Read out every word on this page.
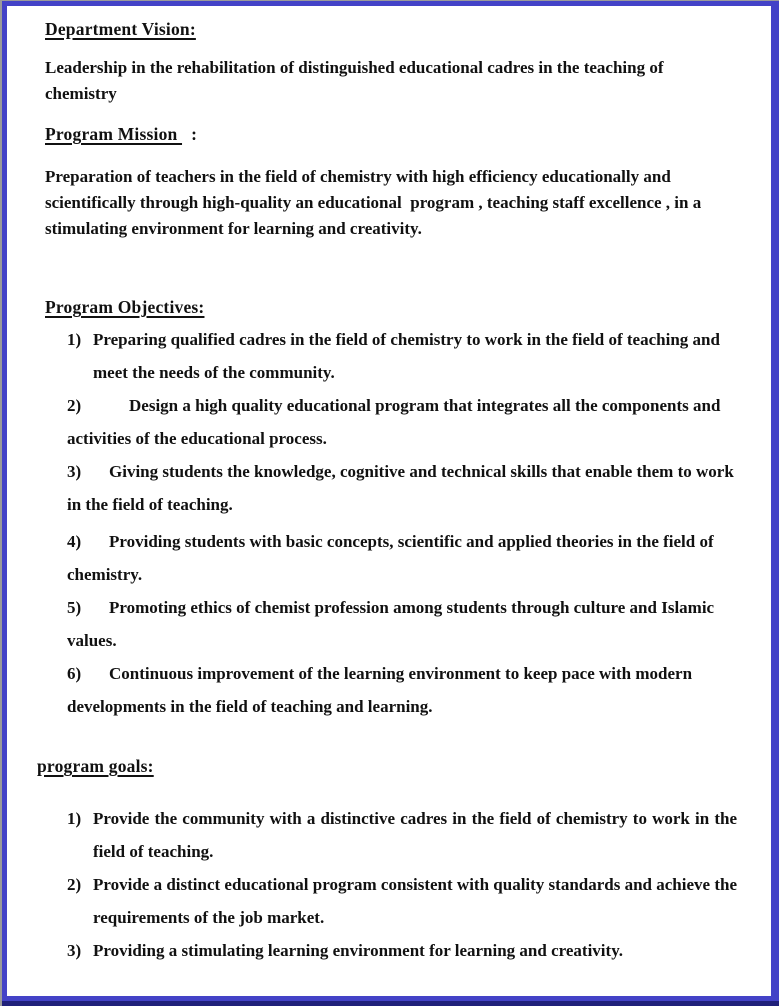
Department Vision:

Leadership in the rehabilitation of distinguished educational cadres in the teaching of chemistry

Program Mission   :

Preparation of teachers in the field of chemistry with high efficiency educationally and scientifically through high-quality an educational  program , teaching staff excellence , in a stimulating environment for learning and creativity.

Program Objectives:
1) Preparing qualified cadres in the field of chemistry to work in the field of teaching and meet the needs of the community.
2)	Design a high quality educational program that integrates all the components and activities of the educational process.
3) Giving students the knowledge, cognitive and technical skills that enable them to work in the field of teaching.
4) Providing students with basic concepts, scientific and applied theories in the field of chemistry.
5) Promoting ethics of chemist profession among students through culture and Islamic values.
6) Continuous improvement of the learning environment to keep pace with modern developments in the field of teaching and learning.
program goals:
1) Provide the community with a distinctive cadres in the field of chemistry to work in the field of teaching.
2) Provide a distinct educational program consistent with quality standards and achieve the requirements of the job market.
3) Providing a stimulating learning environment for learning and creativity.
